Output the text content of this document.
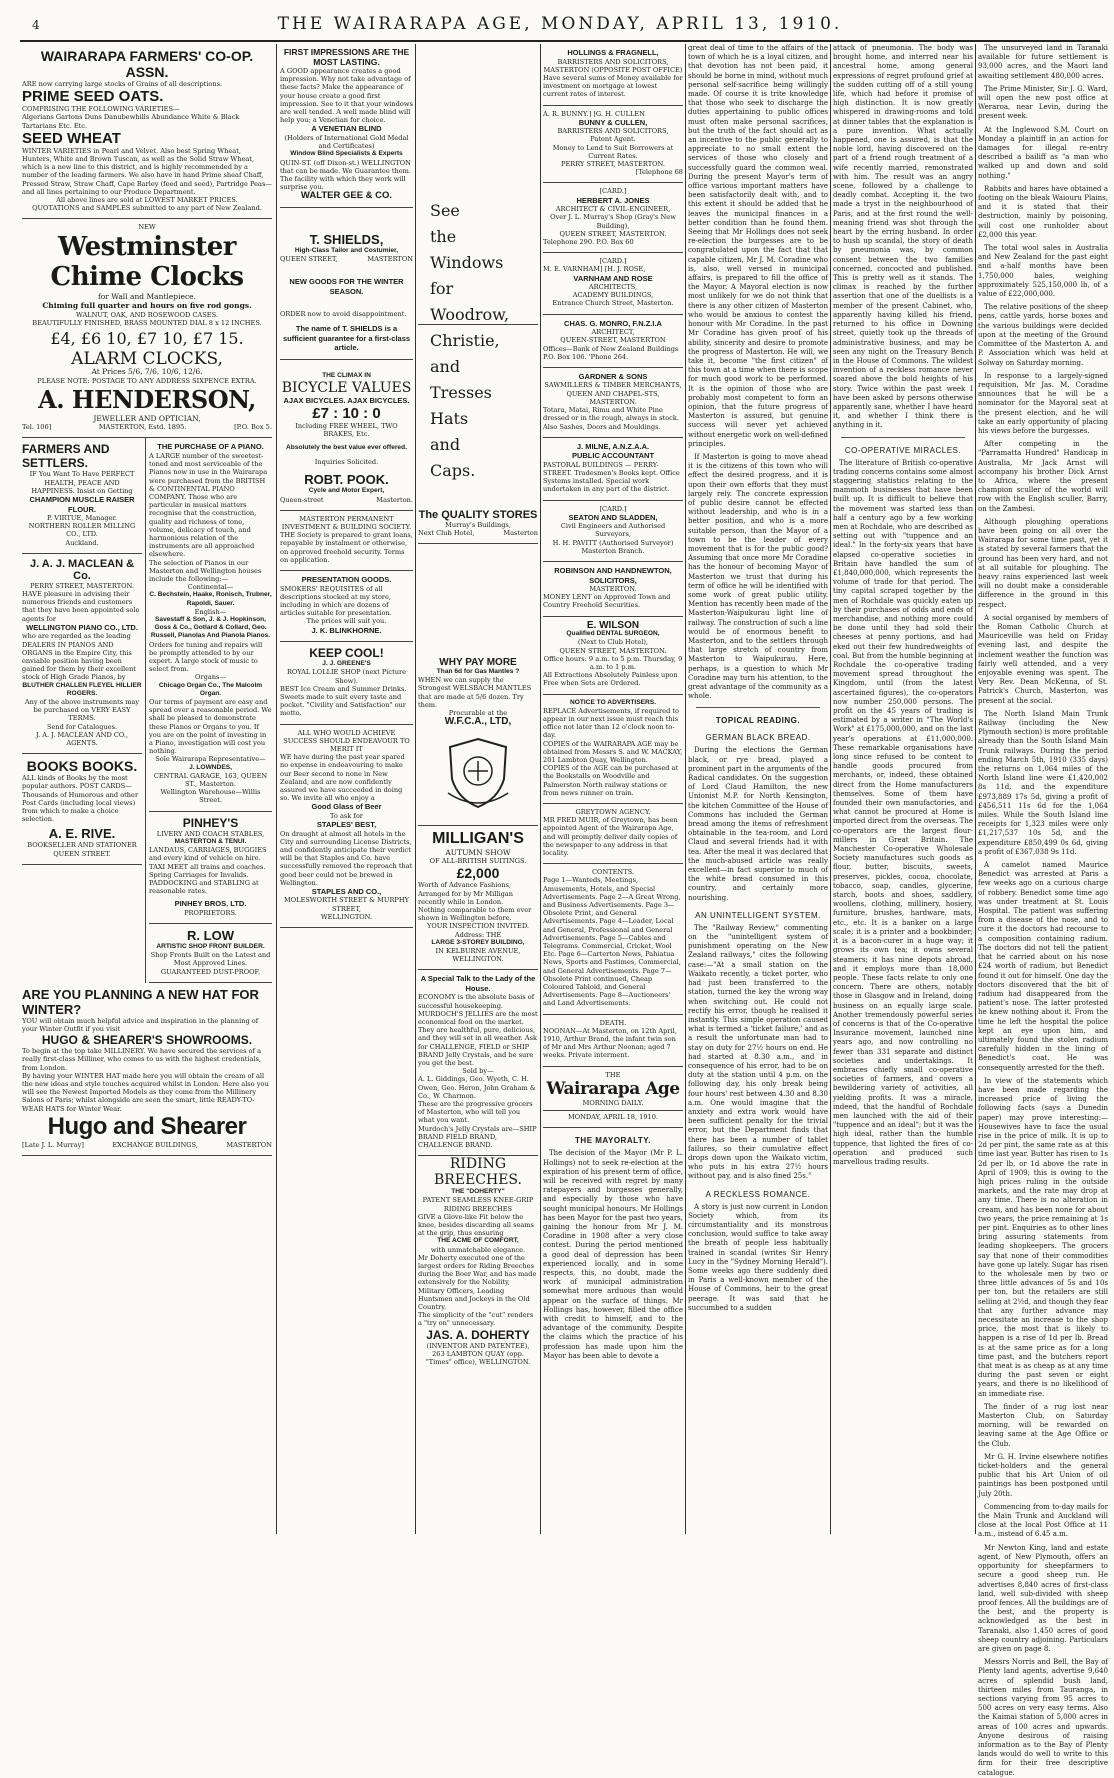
4	THE WAIRARAPA AGE, MONDAY, APRIL 13, 1910.
WAIRARAPA FARMERS' CO-OP. ASSN.
ARE now carrying large stocks of Grains of all descriptions.
PRIME SEED OATS.
COMPRISING THE FOLLOWING VARIETIES—
Algerians Gartons Duns Danubewhills Abundance White & Black Tartarians Etc. Etc.
SEED WHEAT
WINTER VARIETIES in Pearl and Velvet. Also best Spring Wheat, Hunters, White and Brown Tuscan, as well as the Solid Straw Wheat, which is a new line to this district, and is highly recommended by a number of the leading farmers. We also have in hand Prime sheaf Chaff, Pressed Straw, Straw Chaff, Cape Barley (feed and seed), Partridge Peas—and all lines pertaining to our Produce Department.
All above lines are sold at LOWEST MARKET PRICES.
QUOTATIONS and SAMPLES submitted to any part of New Zealand.
NEW
Westminster Chime Clocks
for Wall and Mantlepiece.
Chiming full quarter and hours on five rod gongs.
WALNUT, OAK, AND ROSEWOOD CASES.
BEAUTIFULLY FINISHED, BRASS MOUNTED DIAL 8 x 12 INCHES.
£4, £6 10, £7 10, £7 15.
ALARM CLOCKS,
At Prices 5/6, 7/6, 10/6, 12/6.
PLEASE NOTE: POSTAGE TO ANY ADDRESS SIXPENCE EXTRA.
A. HENDERSON,
JEWELLER AND OPTICIAN,
Tel. 106]	MASTERTON, Estd. 1895.	[P.O. Box 5.
FARMERS AND SETTLERS.
IF You Want To Have PERFECT HEALTH, PEACE AND HAPPINESS. Insist on Getting
CHAMPION MUSCLE RAISER FLOUR.
P. VIRTUE, Manager.
NORTHERN ROLLER MILLING CO., LTD.
Auckland.
J. A. J. MACLEAN & Co.
PERRY STREET, MASTERTON.
HAVE pleasure in advising their numerous friends and customers that they have been appointed sole agents for
WELLINGTON PIANO CO., LTD.
who are regarded as the leading DEALERS IN PIANOS AND ORGANS in the Empire City, this enviable position having been gained for them by their excellent stock of High Grade Pianos, by
BLUTHER CHALLEN FLEYEL HILLIER ROGERS.
Any of the above instruments may be purchased on VERY EASY TERMS.
Send for Catalogues.
J. A. J. MACLEAN AND CO., AGENTS.
BOOKS BOOKS.
ALL kinds of Books by the most popular authors. POST CARDS—Thousands of Humorous and other Post Cards (including local views) from which to make a choice selection.
A. E. RIVE.
BOOKSELLER AND STATIONER QUEEN STREET.
THE PURCHASE OF A PIANO.
A LARGE number of the sweetest-toned and most serviceable of the Pianos now in use in the Wairarapa were purchased from the BRITISH & CONTINENTAL PIANO COMPANY. Those who are particular in musical matters recognise that the construction, quality and richness of tone, volume, delicacy of touch, and harmonious relation of the instruments are all approached elsewhere.
The selection of Pianos in our Masterton and Wellington houses include the following:—
Continental—
C. Bechstein, Haake, Ronisch, Trubner, Rapoldi, Sauer.
English—
Savestaff & Son, J. & J. Hopkinson, Goss & Co., Gotlard & Collard, Geo. Russell, Pianolas And Pianola Pianos.
Orders for tuning and repairs will be promptly attended to by our expert. A large stock of music to select from.
Organs—
Chicago Organ Co., The Malcolm Organ.
Our terms of payment are easy and spread over a reasonable period. We shall be pleased to demonstrate these Pianos or Organs to you. If you are on the point of investing in a Piano, investigation will cost you nothing.
Sole Wairarapa Representative—
J. LOWNDES,
CENTRAL GARAGE, 163, QUEEN ST., Masterton.
Wellington Warehouse—Willis Street.
PINHEY'S
LIVERY AND COACH STABLES,
MASTERTON & TENUI.
LANDAUS, CARRIAGES, BUGGIES and every kind of vehicle on hire. TAXI MEET all trains and coaches. Spring Carriages for Invalids. PADDOCKING and STABLING at reasonable rates.
PINHEY BROS. LTD.
PROPRIETORS.
R. LOW
ARTISTIC SHOP FRONT BUILDER.
Shop Fronts Built on the Latest and Most Approved Lines.
GUARANTEED DUST-PROOF.
ARE YOU PLANNING A NEW HAT FOR WINTER?
YOU will obtain much helpful advice and inspiration in the planning of your Winter Outfit if you visit
HUGO & SHEARER'S SHOWROOMS.
To begin at the top take MILLINERY. We have secured the services of a really first-class Milliner, who comes to us with the highest credentials, from London.
By having your WINTER HAT made here you will obtain the cream of all the new ideas and style touches acquired whilst in London. Here also you will see the Newest Imported Models as they come from the Millinery Salons of Paris; whilst alongside are seen the smart, little READY-TO-WEAR HATS for Winter Wear.
Hugo and Shearer
[Late J. L. Murray]	EXCHANGE BUILDINGS,	MASTERTON
FIRST IMPRESSIONS ARE THE MOST LASTING.
A GOOD appearance creates a good impression. Why not take advantage of these facts? Make the appearance of your house create a good first impression. See to it that your windows are well tended. A well made blind will help you; a Venetian for choice.
A VENETIAN BLIND
(Holders of International Gold Medal and Certificates)
Window Blind Specialists & Experts
QUIN-ST. (off Dixon-st.) WELLINGTON that can be made. We Guarantee them. The facility with which they work will surprise you.
WALTER GEE & CO.
T. SHIELDS,
High-Class Tailor and Costumier,
QUEEN STREET,	MASTERTON
NEW GOODS FOR THE WINTER SEASON.
ORDER now to avoid disappointment.
The name of T. SHIELDS is a sufficient guarantee for a first-class article.
THE CLIMAX IN
BICYCLE VALUES
AJAX BICYCLES. AJAX BICYCLES.
£7 : 10 : 0
Including FREE WHEEL, TWO BRAKES, Etc.
Absolutely the best value ever offered.
Inquiries Solicited.
ROBT. POOK.
Cycle and Motor Expert,
Queen-street	Masterton.
MASTERTON PERMANENT INVESTMENT & BUILDING SOCIETY.
THE Society is prepared to grant loans, repayable by instalment or otherwise, on approved freehold security. Terms on application.
PRESENTATION GOODS.
SMOKERS' REQUISITES of all descriptions stocked at my store, including in which are dozens of articles suitable for presentation.
The prices will suit you.
J. K. BLINKHORNE.
KEEP COOL!
J. J. GREENE'S
ROYAL LOLLIE SHOP (next Picture Show).
BEST Ice Cream and Summer Drinks. Sweets made to suit every taste and pocket. "Civility and Satisfaction" our motto.
ALL WHO WOULD ACHIEVE SUCCESS SHOULD ENDEAVOUR TO MERIT IT
WE have during the past year spared no expense in endeavouring to make our Beer second to none in New Zealand, and are now confidently assured we have succeeded in doing so. We invite all who enjoy a
Good Glass of Beer
To ask for
STAPLES' BEST,
On draught at almost all hotels in the City and surrounding License Districts, and confidently anticipate their verdict will be that Staples and Co. have successfully removed the reproach that good beer could not be brewed in Wellington.
STAPLES AND CO.,
MOLESWORTH STREET & MURPHY STREET,
WELLINGTON.
See
the
Windows
for
Woodrow,
Christie,
and
Tresses
Hats
and
Caps.
The QUALITY STORES
Murray's Buildings,
Next Club Hotel,	Masterton
WHY PAY MORE
Than 6d for Gas Mantles ?
WHEN we can supply the Strongest WELSBACH MANTLES that are made at 5/6 dozen. Try them.
Procurable at the
W.F.C.A., LTD,
MILLIGAN'S
AUTUMN SHOW
OF ALL-BRITISH SUITINGS.
£2,000
Worth of Advance Fashions, Arranged for by Mr Milligan recently while in London.
Nothing comparable to them ever shown in Wellington before.
YOUR INSPECTION INVITED.
Address: THE
LARGE 3-STOREY BUILDING,
IN KELBURNE AVENUE, WELLINGTON.
A Special Talk to the Lady of the House.
ECONOMY is the absolute basis of successful housekeeping. MURDOCH'S JELLIES are the most economical food on the market. They are healthful, pure, delicious, and they will set in all weather. Ask for CHALLENGE, FIELD or SHIP BRAND Jelly Crystals, and be sure you get the best.
Sold by—
A. L. Giddings, Geo. Wyeth, C. H. Owen, Geo. Heron, John Graham & Co., W. Charmon.
These are the progressive grocers of Masterton, who will tell you what you want.
Murdoch's Jelly Crystals are—SHIP BRAND FIELD BRAND, CHALLENGE BRAND.
RIDING BREECHES.
THE "DOHERTY"
PATENT SEAMLESS KNEE-GRIP RIDING BREECHES
GIVE a Glove-like Fit below the knee, besides discarding all seams at the grip, thus ensuring
THE ACME OF COMFORT,
with unmatchable elegance.
Mr Doherty executed one of the largest orders for Riding Breeches during the Boer War, and has made extensively for the Nobility, Military Officers, Leading Huntsmen and Jockeys in the Old Country.
The simplicity of the "cut" renders a "try on" unnecessary.
JAS. A. DOHERTY
(INVENTOR AND PATENTEE),
263 LAMBTON QUAY (opp. "Times" office), WELLINGTON.
HOLLINGS & FRAGNELL,
BARRISTERS AND SOLICITORS,
MASTERTON (OPPOSITE POST OFFICE)
Have several sums of Money available for investment on mortgage at lowest current rates of interest.
A. R. BUNNY.] [G. H. CULLEN
BUNNY & CULLEN,
BARRISTERS AND SOLICITORS,
Patent Agent.
Money to Lend to Suit Borrowers at Current Rates.
PERRY STREET, MASTERTON.
[Telephone 68
[CARD.]
HERBERT A. JONES
ARCHITECT & CIVIL-ENGINEER,
Over J. L. Murray's Shop (Gray's New Building),
QUEEN STREET, MASTERTON.
Telephone 290. P.O. Box 60
[CARD.]
M. E. VARNHAM] [H. J. ROSE,
VARNHAM AND ROSE
ARCHITECTS,
ACADEMY BUILDINGS,
Entrance Church Street, Masterton.
CHAS. G. MONRO, F.N.Z.I.A
ARCHITECT,
QUEEN-STREET, MASTERTON
Offices—Bank of New Zealand Buildings P.O. Box 106. 'Phone 264.
GARDNER & SONS
SAWMILLERS & TIMBER MERCHANTS,
QUEEN AND CHAPEL-STS, MASTERTON.
Totara, Matai, Rimu and White Pine dressed or in the rough, always in stock. Also Sashes, Doors and Mouldings.
J. MILNE, A.N.Z.A.A.
PUBLIC ACCOUNTANT
PASTORAL BUILDINGS — PERRY-STREET. Tradesmen's Books kept. Office Systems installed. Special work undertaken in any part of the district.
[CARD.]
SEATON AND SLADDEN,
Civil Engineers and Authorised Surveyors,
H. H. PAVITT (Authorised Surveyor) Masterton Branch.
ROBINSON AND HANDNEWTON, SOLICITORS,
MASTERTON.
MONEY LENT on Approved Town and Country Freehold Securities.
E. WILSON
Qualified DENTAL SURGEON,
(Next to Club Hotel),
QUEEN STREET, MASTERTON.
Office hours: 9 a.m. to 5 p.m. Thursday, 9 a.m. to 1 p.m.
All Extractions Absolutely Painless upon Free when Sets are Ordered.
NOTICE TO ADVERTISERS.
REPLACE Advertisements, if required to appear in our next issue must reach this office not later than 12 o'clock noon to-day.
COPIES of the WAIRARAPA AGE may be obtained from Messrs S. and W. MACKAY, 201 Lambton Quay, Wellington.
COPIES of the AGE can be purchased at the Bookstalls on Woodville and Palmerston North railway stations or from news runner on train.
GREYTOWN AGENCY.
MR FRED MUIR, of Greytown, has been appointed Agent of the Wairarapa Age, and will promptly deliver daily copies of the newspaper to any address in that locality.
CONTENTS.
Page 1—Wanteds, Meetings, Amusements, Hotels, and Special Advertisements. Page 2—A Great Wrong, and Business Advertisements. Page 3—Obsolete Print, and General Advertisements. Page 4—Leader, Local and General, Professional and General Advertisements. Page 5—Cables and Telegrams. Commercial, Cricket, Wool Etc. Page 6—Carterton News, Pahiatua News, Sports and Pastimes, Commercial, and General Advertisements. Page 7—Obsolete Print continued, Cheap Coloured Tabloid, and General Advertisements. Page 8—Auctioneers' and Land Advertisements.
DEATH.
NOONAN—At Masterton, on 12th April, 1910, Arthur Brand, the infant twin son of Mr and Mrs Arthur Noonan; aged 7 weeks. Private interment.
THE
Wairarapa Age
MORNING DAILY.
MONDAY, APRIL 18, 1910.
THE MAYORALTY.

The decision of the Mayor (Mr P. L. Hollings) not to seek re-election at the expiration of his present term of office, will be received with regret by many ratepayers and burgesses generally, and especially by those who have sought municipal honours. Mr Hollings has been Mayor for the past two years, gaining the honour from Mr J. M. Coradine in 1908 after a very close contest. During the period mentioned a good deal of depression has been experienced locally, and in some respects, this, no doubt, made the work of municipal administration somewhat more arduous than would appear on the surface of things. Mr Hollings has, however, filled the office with credit to himself, and to the advantage of the community. Despite the claims which the practice of his profession has made upon him the Mayor has been able to devote a

great deal of time to the affairs of the town of which he is a loyal citizen, and that devotion has not been paid, it should be borne in mind, without much personal self-sacrifice being willingly made. Of course it is trite knowledge that those who seek to discharge the duties appertaining to public offices must often make personal sacrifices, but the truth of the fact should act as an incentive to the public generally to appreciate to no small extent the services of those who closely and successfully guard the common weal. During the present Mayor's term of office various important matters have been satisfactorily dealt with, and to this extent it should be added that he leaves the municipal finances in a better condition than he found them. Seeing that Mr Hollings does not seek re-election the burgesses are to be congratulated upon the fact that that capable citizen, Mr J. M. Coradine who is, also, well versed in municipal affairs, is prepared to fill the office of the Mayor. A Mayoral election is now most unlikely for we do not think that there is any other citizen of Masterton who would be anxious to contest the honour with Mr Coradine. In the past Mr Coradine has given proof of his ability, sincerity and desire to promote the progress of Masterton. He will, we take it, become "the first citizen" of this town at a time when there is scope for much good work to be performed. It is the opinion of those who are probably most competent to form an opinion, that the future progress of Masterton is assured, but genuine success will never yet achieved without energetic work on well-defined principles.

If Masterton is going to move ahead it is the citizens of this town who will effect the desired progress, and it is upon their own efforts that they must largely rely. The concrete expression of public desire cannot be effected without leadership, and who is in a better position, and who is a more suitable person, than the Mayor of a town to be the leader of every movement that is for the public good? Assuming that once more Mr Coradine has the honour of becoming Mayor of Masterton we trust that during his term of office he will be identified with some work of great public utility. Mention has recently been made of the Masterton-Waipukurau light line of railway. The construction of such a line would be of enormous benefit to Masterton, and to the settlers through that large stretch of country from Masterton to Waipukurau. Here, perhaps, is a question to which Mr Coradine may turn his attention, to the great advantage of the community as a whole.

TOPICAL READING.
GERMAN BLACK BREAD.

During the elections the German black, or rye bread, played a prominent part in the arguments of the Radical candidates. On the suggestion of Lord Claud Hamilton, the new Unionist M.P. for North Kensington, the kitchen Committee of the House of Commons has included the German bread among the items of refreshment obtainable in the tea-room, and Lord Claud and several friends had it with tea. After the meal it was declared that the much-abused article was really excellent—in fact superior to much of the white bread consumed in this country, and certainly more nourishing.

AN UNINTELLIGENT SYSTEM.

The "Railway Review," commenting on the "unintelligent system of punishment operating on the New Zealand railways," cites the following case:—"At a small station on the Waikato recently, a ticket porter, who had just been transferred to the station, turned the key the wrong way when switching out. He could not rectify his error, though he realised it instantly. This simple operation caused what is termed a 'ticket failure,' and as a result the unfortunate man had to stay on duty for 27½ hours on end. He had started at 8.30 a.m., and in consequence of his error, had to be on duty at the station until 4 p.m. on the following day, his only break being four hours' rest between 4.30 and 8.30 a.m. One would imagine that the anxiety and extra work would have been sufficient penalty for the trivial error, but the Department finds that there has been a number of tablet failures, so their cumulative effect drops down upon the Waikato victim, who puts in his extra 27½ hours without pay, and is also fined 25s."

A RECKLESS ROMANCE.

A story is just now current in London Society which, from its circumstantiality and its monstrous conclusion, would suffice to take away the breath of people less habitually trained in scandal (writes Sir Henry Lucy in the "Sydney Morning Herald"). Some weeks ago there suddenly died in Paris a well-known member of the House of Commons, heir to the great peerage. It was said that he succumbed to a sudden

attack of pneumonia. The body was brought home, and interred near his ancestral home, among general expressions of regret profound grief at the sudden cutting off of a still young life, which had before it promise of high distinction. It is now greatly whispered in drawing-rooms and told at dinner tables that the explanation is a pure invention. What actually happened, one is assured, is that the noble lord, having discovered on the part of a friend rough treatment of a wife recently married, remonstrated with him. The result was an angry scene, followed by a challenge to deadly combat. Accepting it, the two made a tryst in the neighbourhood of Paris, and at the first round the well-meaning friend was shot through the heart by the erring husband. In order to hush up scandal, the story of death by pneumonia was, by common consent between the two families concerned, concocted and published. This is pretty well as it stands. The climax is reached by the further assertion that one of the duellists is a member of the present Cabinet, who, apparently having killed his friend, returned to his office in Downing street, quietly took up the threads of administrative business, and may be seen any night on the Treasury Bench in the House of Commons. The wildest invention of a reckless romance never soared above the bold heights of his story. Twice within the past week I have been asked by persons otherwise apparently sane, whether I have heard it, and whether I think there is anything in it.

CO-OPERATIVE MIRACLES.

The literature of British co-operative trading concerns contains some almost staggering statistics relating to the mammoth businesses that have been built up. It is difficult to believe that the movement was started less than half a century ago by a few working men at Rochdale, who are described as setting out with "tuppence and an ideal." In the forty-six years that have elapsed co-operative societies in Britain have handled the sum of £1,840,000,000, which represents the volume of trade for that period. The tiny capital scraped together by the men of Rochdale was quickly eaten up by their purchases of odds and ends of merchandise, and nothing more could be done until they had sold their cheeses at penny portions, and had eked out their few hundredweights of coal. But from the humble beginning at Rochdale the co-operative trading movement spread throughout the Kingdom, until (from the latest ascertained figures), the co-operators now number 250,000 persons. The profit on the 45 years of trading is estimated by a writer in "The World's Work" at £175,000,000, and on the last year's operations at £11,000,000. These remarkable organisations have long since refused to be content to handle goods procured from merchants, or, indeed, these obtained direct from the Home manufacturers themselves. Some of them have founded their own manufactories, and what cannot be procured at Home is imported direct from the overseas. The co-operators are the largest flour-millers in Great Britain. The Manchester Co-operative Wholesale Society manufactures such goods as flour, butter, biscuits, sweets, preserves, pickles, cocoa, chocolate, tobacco, soap, candles, glycerine, starch, boots and shoes, saddlery, woollens, clothing, millinery, hosiery, furniture, brushes, hardware, mats, etc., etc. It is a banker on a large scale; it is a printer and a bookbinder; it is a bacon-curer in a huge way; it grows its own tea; it owns several steamers; it has nine depots abroad, and it employs more than 18,000 people. These facts relate to only one concern. There are others, notably those in Glasgow and in Ireland, doing business on an equally large scale. Another tremendously powerful series of concerns is that of the Co-operative Insurance movement, launched nine years ago, and now controlling no fewer than 331 separate and distinct societies and undertakings. It embraces chiefly small co-operative societies of farmers, and covers a bewildering variety of activities, all yielding profits. It was a miracle, indeed, that the handful of Rochdale men launched with the aid of their "tuppence and an ideal"; but it was the high ideal, rather than the humble tuppence, that lighted the fires of co-operation and produced such marvellous trading results.

The unsurveyed land in Taranaki available for future settlement is 93,000 acres, and the Maori land awaiting settlement 480,000 acres.

The Prime Minister, Sir J. G. Ward, will open the new post office at Weraroa, near Levin, during the present week.

At the Inglewood S.M. Court on Monday a plaintiff in an action for damages for illegal re-entry described a bailiff as "a man who walked up and down and sold nothing."

Rabbits and hares have obtained a footing on the bleak Waiouru Plains, and it is stated that their destruction, mainly by poisoning, will cost one runholder about £2,000 this year.

The total wool sales in Australia and New Zealand for the past eight and a-half months have been 1,750,000 bales, weighing approximately 525,150,000 lb, of a value of £22,000,000.

The relative positions of the sheep pens, cattle yards, horse boxes and the various buildings were decided upon at the meeting of the Ground Committee of the Masterton A. and P. Association which was held at Solway on Saturday morning.

In response to a largely-signed requisition, Mr Jas. M. Coradine announces that he will be a nominator for the Mayoral seat at the present election, and he will take an early opportunity of placing his views before the burgesses.

After competing in the "Parramatta Hundred" Handicap in Australia, Mr Jack Arnst will accompany his brother Dick Arnst to Africa, where the present champion sculler of the world will row with the English sculler, Barry, on the Zambesi.

Although ploughing operations have been going on all over the Wairarapa for some time past, yet it is stated by several farmers that the ground has been very hard, and not at all suitable for ploughing. The heavy rains experienced last week will no doubt make a considerable difference in the ground in this respect.

A social organised by members of the Roman Catholic Church at Mauriceville was held on Friday evening last, and despite the inclement weather the function was fairly well attended, and a very enjoyable evening was spent. The Very Rev. Dean McKenna, of St. Patrick's Church, Masterton, was present at the social.

The North Island Main Trunk Railway (including the New Plymouth section) is more profitable already than the South Island Main Trunk railways. During the period ending March 5th, 1910 (335 days) the returns on 1,064 miles of the North Island line were £1,420,002 8s 11d, and the expenditure £973,889 17s 5d, giving a profit of £456,511 11s 6d for the 1,064 miles. While the South Island line receipts for 1,323 miles were only £1,217,537 10s 5d, and the expenditure £850,499 0s 6d, giving a profit of £367,038 9s 11d.

A camelot named Maurice Benedict was arrested at Paris a few weeks ago on a curious charge of robbery. Benedict some time ago was under treatment at St. Louis Hospital. The patient was suffering from a disease of the nose, and to cure it the doctors had recourse to a composition containing radium. The doctors did not tell the patient that he carried about on his nose £24 worth of radium, but Benedict found it out for himself. One day the doctors discovered that the bit of radium had disappeared from the patient's nose. The latter protested he knew nothing about it. From the time he left the hospital the police kept an eye upon him, and ultimately found the stolen radium carefully hidden in the lining of Benedict's coat. He was consequently arrested for the theft.

In view of the statements which have been made regarding the increased price of living the following facts (says a Dunedin paper) may prove interesting:—Housewives have to face the usual rise in the price of milk. It is up to 2d per pint, the same rate as at this time last year. Butter has risen to 1s 2d per lb, or 1d above the rate in April of 1909; this is owing to the high prices ruling in the outside markets, and the rate may drop at any time. There is no alteration in cream, and has been none for about two years, the price remaining at 1s per pint. Enquiries as to other lines bring assuring statements from leading shopkeepers. The grocers say that none of their commodities have gone up lately. Sugar has risen to the wholesale men by two or three little advances of 5s and 10s per ton, but the retailers are still selling at 2½d, and though they fear that any further advance may necessitate an increase to the shop price, the most that is likely to happen is a rise of 1d per lb. Bread is at the same price as for a long time past, and the butchers report that meat is as cheap as at any time during the past seven or eight years, and there is no likelihood of an immediate rise.

The finder of a rug lost near Masterton Club, on Saturday morning, will be rewarded on leaving same at the Age Office or the Club.

Mr G. H. Irvine elsewhere notifies ticket-holders and the general public that his Art Union of oil paintings has been postponed until July 20th.

Commencing from to-day mails for the Main Trunk and Auckland will close at the local Post Office at 11 a.m., instead of 6.45 a.m.

Mr Newton King, land and estate agent, of New Plymouth, offers an opportunity for sheepfarmers to secure a good sheep run. He advertises 8,840 acres of first-class land, well sub-divided with sheep proof fences. All the buildings are of the best, and the property is acknowledged as the best in Taranaki, also 1,450 acres of good sheep country adjoining. Particulars are given on page 8.

Messrs Norris and Bell, the Bay of Plenty land agents, advertise 9,640 acres of splendid bush land, thirteen miles from Tauranga, in sections varying from 95 acres to 500 acres on very easy terms. Also the Kaimai station of 5,000 acres in areas of 100 acres and upwards. Anyone desirous of raising information as to the Bay of Plenty lands would do well to write to this firm for their free descriptive catalogue.
